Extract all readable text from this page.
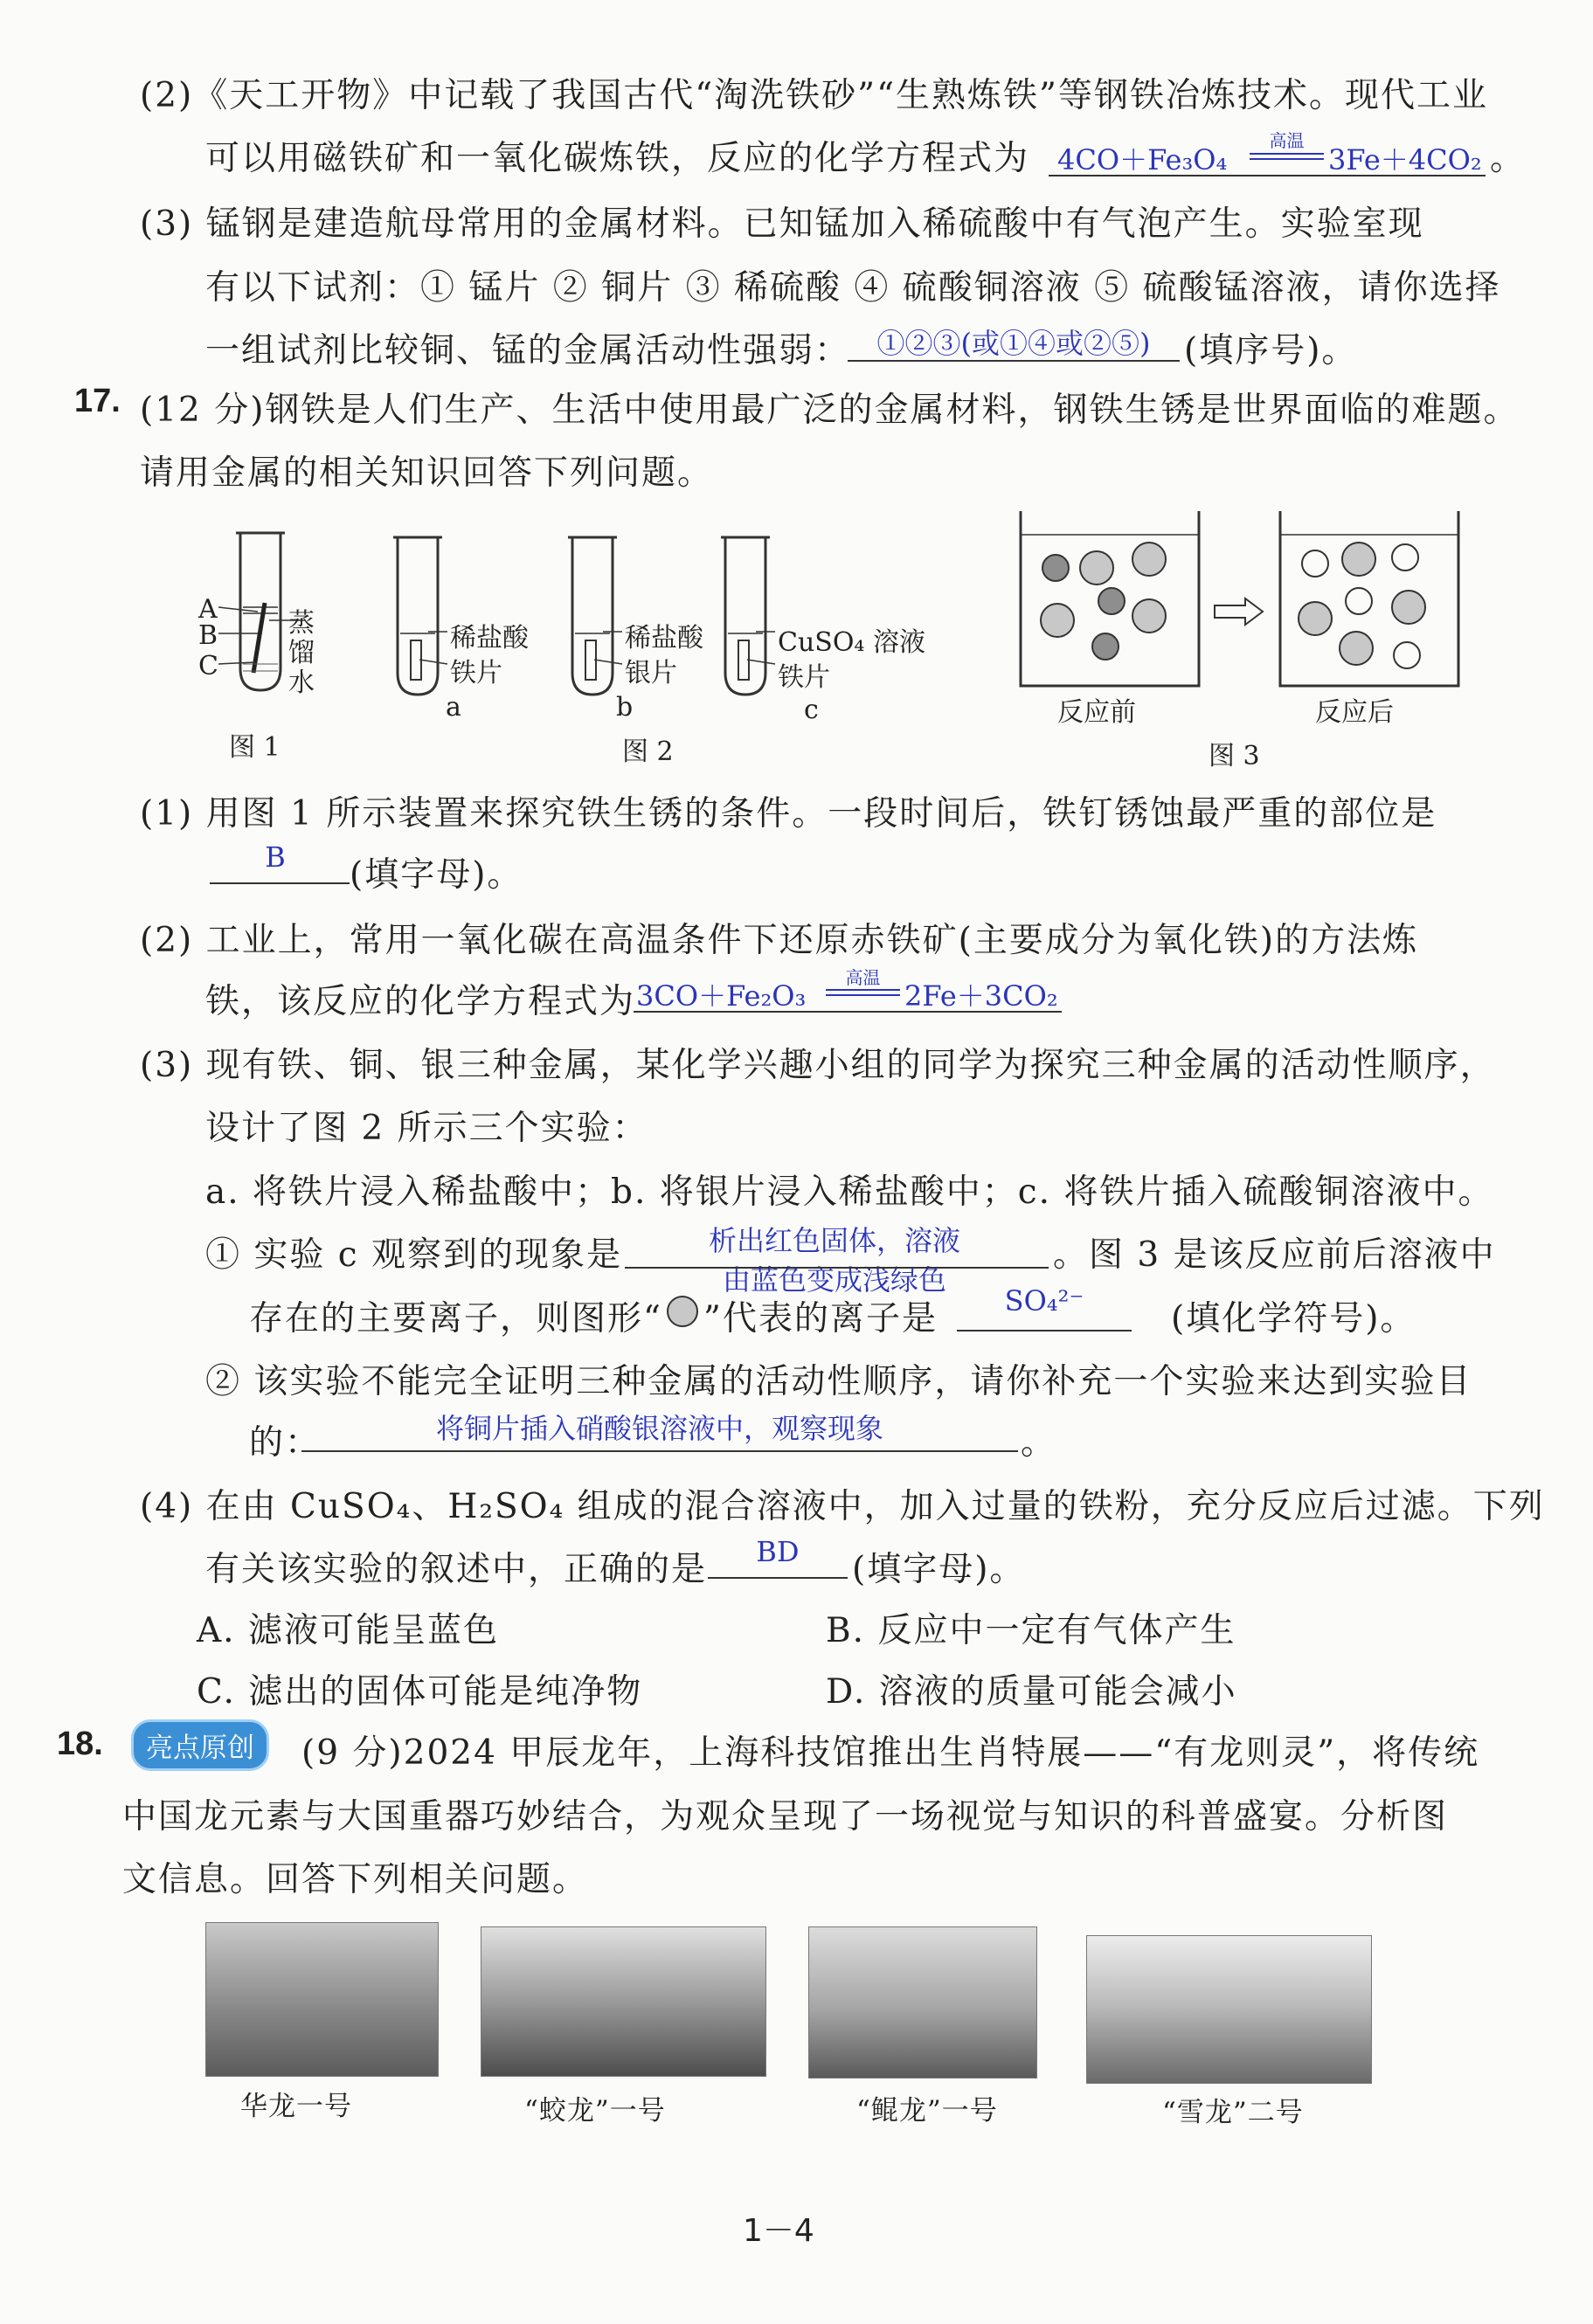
(2)《天工开物》中记载了我国古代“淘洗铁砂”“生熟炼铁”等钢铁冶炼技术。现代工业
可以用磁铁矿和一氧化碳炼铁，反应的化学方程式为 4CO＋Fe₃O₄
高温
3Fe＋4CO₂ 。
(3) 锰钢是建造航母常用的金属材料。已知锰加入稀硫酸中有气泡产生。实验室现
有以下试剂：① 锰片 ② 铜片 ③ 稀硫酸 ④ 硫酸铜溶液 ⑤ 硫酸锰溶液，请你选择
一组试剂比较铜、锰的金属活动性强弱： ①②③(或①④或②⑤) (填序号)。
17. (12 分)钢铁是人们生产、生活中使用最广泛的金属材料，钢铁生锈是世界面临的难题。
请用金属的相关知识回答下列问题。
A
B
C
蒸
馏
水
图 1
稀盐酸
铁片
a
稀盐酸
银片
b
CuSO₄ 溶液
铁片
c
图 2
反应前	反应后
图 3
(1) 用图 1 所示装置来探究铁生锈的条件。一段时间后，铁钉锈蚀最严重的部位是
B	(填字母)。
(2) 工业上，常用一氧化碳在高温条件下还原赤铁矿(主要成分为氧化铁)的方法炼
铁，该反应的化学方程式为 3CO＋Fe₂O₃
高温
2Fe＋3CO₂
(3) 现有铁、铜、银三种金属，某化学兴趣小组的同学为探究三种金属的活动性顺序，
设计了图 2 所示三个实验：
a. 将铁片浸入稀盐酸中；b. 将银片浸入稀盐酸中；c. 将铁片插入硫酸铜溶液中。
① 实验 c 观察到的现象是	析出红色固体，溶液
由蓝色变成浅绿色
。图 3 是该反应前后溶液中
存在的主要离子，则图形“ ”代表的离子是	SO₄²⁻	(填化学符号)。
② 该实验不能完全证明三种金属的活动性顺序，请你补充一个实验来达到实验目
的：	将铜片插入硝酸银溶液中，观察现象	。
(4) 在由 CuSO₄、H₂SO₄ 组成的混合溶液中，加入过量的铁粉，充分反应后过滤。下列
有关该实验的叙述中，正确的是	BD	(填字母)。
A. 滤液可能呈蓝色	B. 反应中一定有气体产生
C. 滤出的固体可能是纯净物	D. 溶液的质量可能会减小
18.	亮点原创	(9 分)2024 甲辰龙年，上海科技馆推出生肖特展——“有龙则灵”，将传统
中国龙元素与大国重器巧妙结合，为观众呈现了一场视觉与知识的科普盛宴。分析图
文信息。回答下列相关问题。
华龙一号	“蛟龙”一号	“鲲龙”一号	“雪龙”二号
1－4
